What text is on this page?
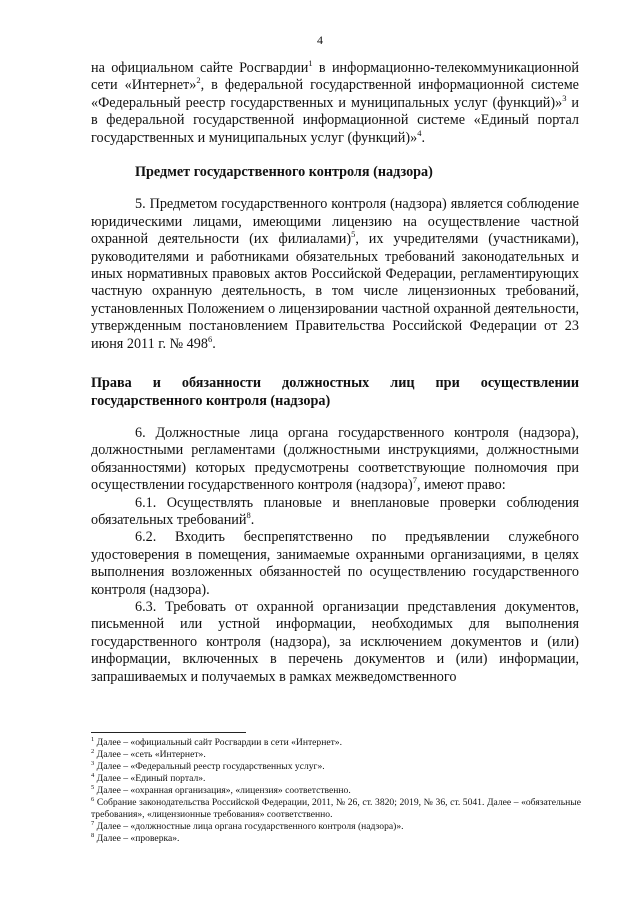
4

на официальном сайте Росгвардии$^1$ в информационно-телекоммуникационной сети «Интернет»$^2$, в федеральной государственной информационной системе «Федеральный реестр государственных и муниципальных услуг (функций)»$^3$ и в федеральной государственной информационной системе «Единый портал государственных и муниципальных услуг (функций)»$^4$.

Предмет государственного контроля (надзора)

5. Предметом государственного контроля (надзора) является соблюдение юридическими лицами, имеющими лицензию на осуществление частной охранной деятельности (их филиалами)$^5$, их учредителями (участниками), руководителями и работниками обязательных требований законодательных и иных нормативных правовых актов Российской Федерации, регламентирующих частную охранную деятельность, в том числе лицензионных требований, установленных Положением о лицензировании частной охранной деятельности, утвержденным постановлением Правительства Российской Федерации от 23 июня 2011 г. № $498^6$.

Права и обязанности должностных лиц при осуществлении государственного контроля (надзора)

6. Должностные лица органа государственного контроля (надзора), должностными регламентами (должностными инструкциями, должностными обязанностями) которых предусмотрены соответствующие полномочия при осуществлении государственного контроля (надзора)$^7$, имеют право:

6.1. Осуществлять плановые и внеплановые проверки соблюдения обязательных требований$^8$.

6.2. Входить беспрепятственно по предъявлении служебного удостоверения в помещения, занимаемые охранными организациями, в целях выполнения возложенных обязанностей по осуществлению государственного контроля (надзора).

6.3. Требовать от охранной организации представления документов, письменной или устной информации, необходимых для выполнения государственного контроля (надзора), за исключением документов и (или) информации, включенных в перечень документов и (или) информации, запрашиваемых и получаемых в рамках межведомственного

$^1$ Далее – «официальный сайт Росгвардии в сети «Интернет».

$^2$ Далее – «сеть «Интернет».

$^3$ Далее – «Федеральный реестр государственных услуг».

$^4$ Далее – «Единый портал».

$^5$ Далее – «охранная организация», «лицензия» соответственно.

$^6$ Собрание законодательства Российской Федерации, 2011, № 26, ст. 3820; 2019, № 36, ст. 5041. Далее – «обязательные требования», «лицензионные требования» соответственно.

$^7$ Далее – «должностные лица органа государственного контроля (надзора)».

$^8$ Далее – «проверка».
